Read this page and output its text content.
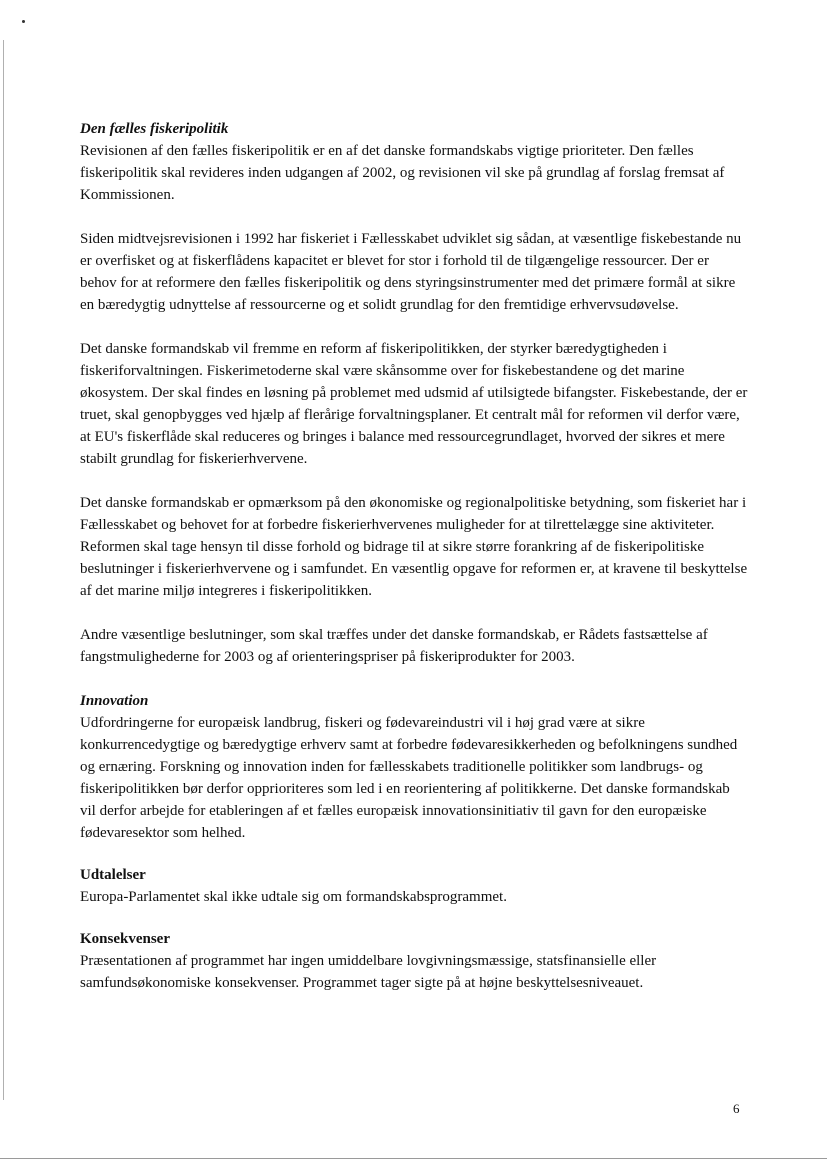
Den fælles fiskeripolitik

Revisionen af den fælles fiskeripolitik er en af det danske formandskabs vigtige prioriteter. Den fælles fiskeripolitik skal revideres inden udgangen af 2002, og revisionen vil ske på grundlag af forslag fremsat af Kommissionen.

Siden midtvejsrevisionen i 1992 har fiskeriet i Fællesskabet udviklet sig sådan, at væsentlige fiskebestande nu er overfisket og at fiskerflådens kapacitet er blevet for stor i forhold til de tilgængelige ressourcer. Der er behov for at reformere den fælles fiskeripolitik og dens styringsinstrumenter med det primære formål at sikre en bæredygtig udnyttelse af ressourcerne og et solidt grundlag for den fremtidige erhvervsudøvelse.

Det danske formandskab vil fremme en reform af fiskeripolitikken, der styrker bæredygtigheden i fiskeriforvaltningen. Fiskerimetoderne skal være skånsomme over for fiskebestandene og det marine økosystem. Der skal findes en løsning på problemet med udsmid af utilsigtede bifangster. Fiskebestande, der er truet, skal genopbygges ved hjælp af flerårige forvaltningsplaner. Et centralt mål for reformen vil derfor være, at EU's fiskerflåde skal reduceres og bringes i balance med ressourcegrundlaget, hvorved der sikres et mere stabilt grundlag for fiskerierhvervene.

Det danske formandskab er opmærksom på den økonomiske og regionalpolitiske betydning, som fiskeriet har i Fællesskabet og behovet for at forbedre fiskerierhvervenes muligheder for at tilrettelægge sine aktiviteter. Reformen skal tage hensyn til disse forhold og bidrage til at sikre større forankring af de fiskeripolitiske beslutninger i fiskerierhvervene og i samfundet. En væsentlig opgave for reformen er, at kravene til beskyttelse af det marine miljø integreres i fiskeripolitikken.

Andre væsentlige beslutninger, som skal træffes under det danske formandskab, er Rådets fastsættelse af fangstmulighederne for 2003 og af orienteringspriser på fiskeriprodukter for 2003.

Innovation

Udfordringerne for europæisk landbrug, fiskeri og fødevareindustri vil i høj grad være at sikre konkurrencedygtige og bæredygtige erhverv samt at forbedre fødevaresikkerheden og befolkningens sundhed og ernæring. Forskning og innovation inden for fællesskabets traditionelle politikker som landbrugs- og fiskeripolitikken bør derfor opprioriteres som led i en reorientering af politikkerne. Det danske formandskab vil derfor arbejde for etableringen af et fælles europæisk innovationsinitiativ til gavn for den europæiske fødevaresektor som helhed.

Udtalelser

Europa-Parlamentet skal ikke udtale sig om formandskabsprogrammet.

Konsekvenser

Præsentationen af programmet har ingen umiddelbare lovgivningsmæssige, statsfinansielle eller samfundsøkonomiske konsekvenser. Programmet tager sigte på at højne beskyttelsesniveauet.

6
